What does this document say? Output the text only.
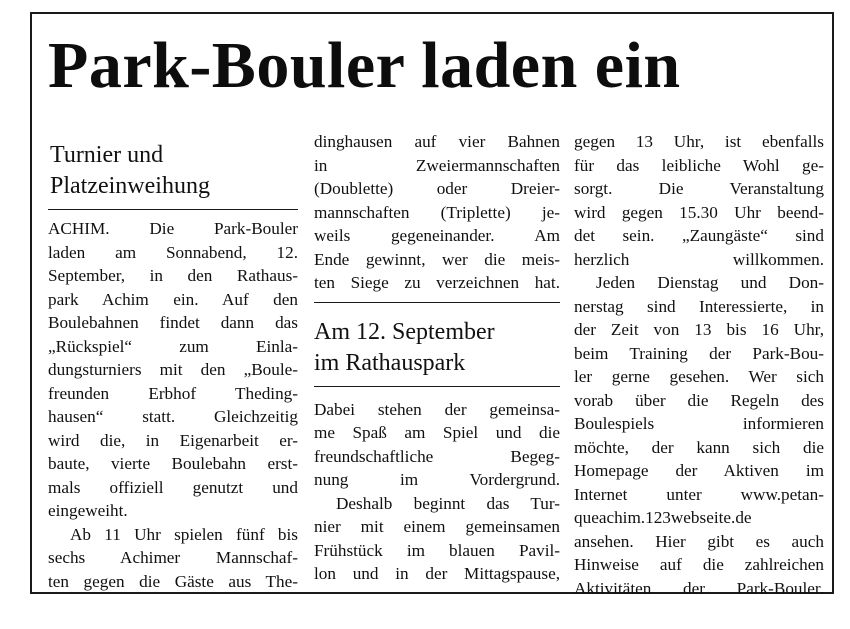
Park-Bouler laden ein
Turnier und
Platzeinweihung

ACHIM. Die Park-Bouler
laden am Sonnabend, 12.
September, in den Rathaus-
park Achim ein. Auf den
Boulebahnen findet dann das
„Rückspiel“ zum Einla-
dungsturniers mit den „Boule-
freunden Erbhof Theding-
hausen“ statt. Gleichzeitig
wird die, in Eigenarbeit er-
baute, vierte Boulebahn erst-
mals offiziell genutzt und
eingeweiht.

Ab 11 Uhr spielen fünf bis
sechs Achimer Mannschaf-
ten gegen die Gäste aus The-

dinghausen auf vier Bahnen
in Zweiermannschaften
(Doublette) oder Dreier-
mannschaften (Triplette) je-
weils gegeneinander. Am
Ende gewinnt, wer die meis-
ten Siege zu verzeichnen hat.

Am 12. September
im Rathauspark

Dabei stehen der gemeinsa-
me Spaß am Spiel und die
freundschaftliche Begeg-
nung im Vordergrund.

Deshalb beginnt das Tur-
nier mit einem gemeinsamen
Frühstück im blauen Pavil-
lon und in der Mittagspause,

gegen 13 Uhr, ist ebenfalls
für das leibliche Wohl ge-
sorgt. Die Veranstaltung
wird gegen 15.30 Uhr beend-
det sein. „Zaungäste“ sind
herzlich willkommen.

Jeden Dienstag und Don-
nerstag sind Interessierte, in
der Zeit von 13 bis 16 Uhr,
beim Training der Park-Bou-
ler gerne gesehen. Wer sich
vorab über die Regeln des
Boulespiels informieren
möchte, der kann sich die
Homepage der Aktiven im
Internet unter www.petan-
queachim.123webseite.de
ansehen. Hier gibt es auch
Hinweise auf die zahlreichen
Aktivitäten der Park-Bouler.
